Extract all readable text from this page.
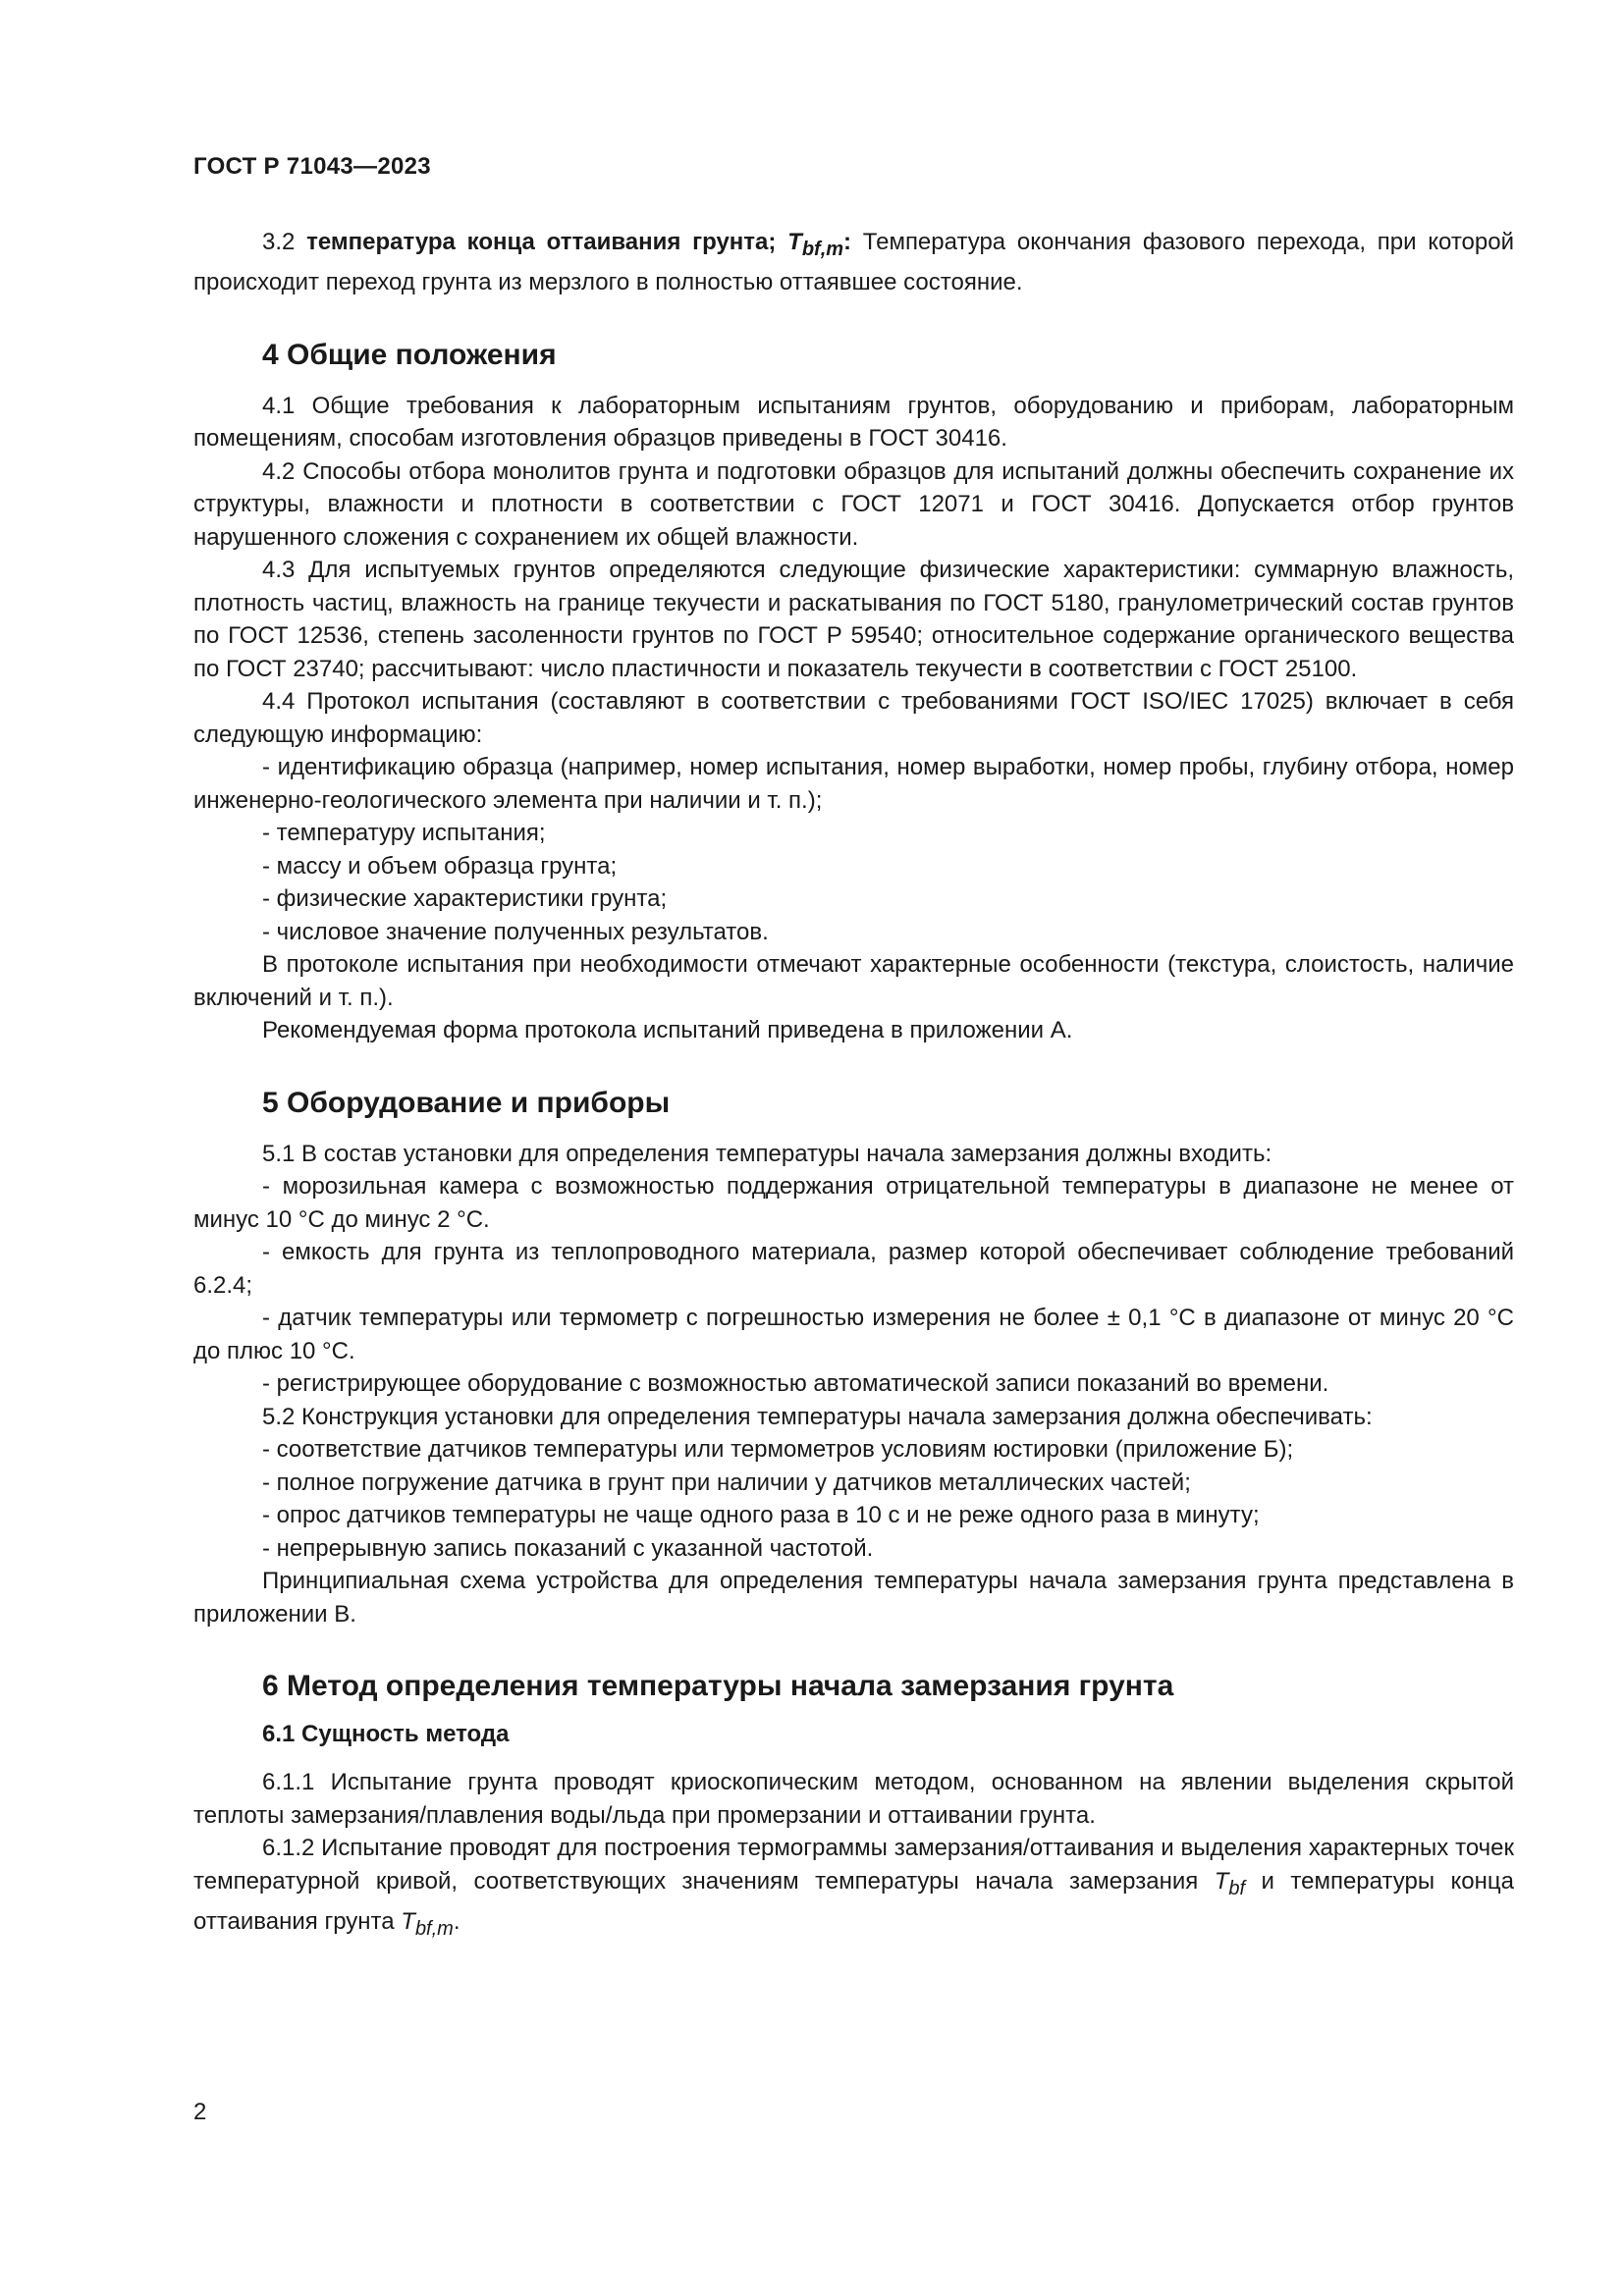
ГОСТ Р 71043—2023

3.2 температура конца оттаивания грунта; $T_{bf,m}$: Температура окончания фазового перехода, при которой происходит переход грунта из мерзлого в полностью оттаявшее состояние.

4 Общие положения

4.1 Общие требования к лабораторным испытаниям грунтов, оборудованию и приборам, лабораторным помещениям, способам изготовления образцов приведены в ГОСТ 30416.

4.2 Способы отбора монолитов грунта и подготовки образцов для испытаний должны обеспечить сохранение их структуры, влажности и плотности в соответствии с ГОСТ 12071 и ГОСТ 30416. Допускается отбор грунтов нарушенного сложения с сохранением их общей влажности.

4.3 Для испытуемых грунтов определяются следующие физические характеристики: суммарную влажность, плотность частиц, влажность на границе текучести и раскатывания по ГОСТ 5180, гранулометрический состав грунтов по ГОСТ 12536, степень засоленности грунтов по ГОСТ Р 59540; относительное содержание органического вещества по ГОСТ 23740; рассчитывают: число пластичности и показатель текучести в соответствии с ГОСТ 25100.

4.4 Протокол испытания (составляют в соответствии с требованиями ГОСТ ISO/IEC 17025) включает в себя следующую информацию:

- идентификацию образца (например, номер испытания, номер выработки, номер пробы, глубину отбора, номер инженерно-геологического элемента при наличии и т. п.);

- температуру испытания;

- массу и объем образца грунта;

- физические характеристики грунта;

- числовое значение полученных результатов.

В протоколе испытания при необходимости отмечают характерные особенности (текстура, слоистость, наличие включений и т. п.).

Рекомендуемая форма протокола испытаний приведена в приложении А.

5 Оборудование и приборы

5.1 В состав установки для определения температуры начала замерзания должны входить:

- морозильная камера с возможностью поддержания отрицательной температуры в диапазоне не менее от минус 10 °С до минус 2 °С.

- емкость для грунта из теплопроводного материала, размер которой обеспечивает соблюдение требований 6.2.4;

- датчик температуры или термометр с погрешностью измерения не более ± 0,1 °С в диапазоне от минус 20 °С до плюс 10 °С.

- регистрирующее оборудование с возможностью автоматической записи показаний во времени.

5.2 Конструкция установки для определения температуры начала замерзания должна обеспечивать:

- соответствие датчиков температуры или термометров условиям юстировки (приложение Б);

- полное погружение датчика в грунт при наличии у датчиков металлических частей;

- опрос датчиков температуры не чаще одного раза в 10 с и не реже одного раза в минуту;

- непрерывную запись показаний с указанной частотой.

Принципиальная схема устройства для определения температуры начала замерзания грунта представлена в приложении В.

6 Метод определения температуры начала замерзания грунта
6.1 Сущность метода

6.1.1 Испытание грунта проводят криоскопическим методом, основанном на явлении выделения скрытой теплоты замерзания/плавления воды/льда при промерзании и оттаивании грунта.

6.1.2 Испытание проводят для построения термограммы замерзания/оттаивания и выделения характерных точек температурной кривой, соответствующих значениям температуры начала замерзания $T_{bf}$ и температуры конца оттаивания грунта $T_{bf,m}$.

2
